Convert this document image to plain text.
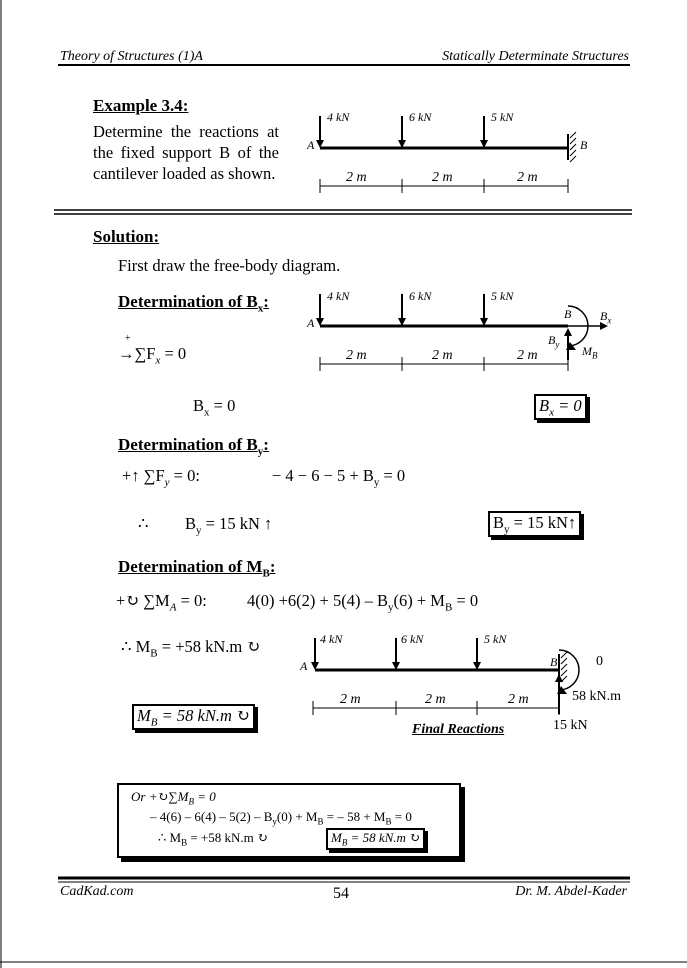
Theory of Structures (1)A	Statically Determinate Structures
Example 3.4:
Determine the reactions at the fixed support B of the cantilever loaded as shown.
4 kN	6 kN	5 kN
A	B
2 m	2 m	2 m
Solution:
First draw the free-body diagram.
Determination of $B_x$:
+
$\to\sum F_x = 0$
$B_x = 0$	$B_x = 0$
4 kN	6 kN	5 kN
A
B $B_x$
$B_y$ $M_B$
2 m	2 m	2 m
Determination of $B_y$:
+↑ $\sum F_y = 0$:	− $4 - 6 - 5 + B_y = 0$
∴ $B_y = 15$ kN ↑	$B_y = 15$ kN↑
Determination of $M_B$:
+↻ $\sum M_A = 0$: $4(0) +6(2) + 5(4) - B_y(6) + M_B = 0$
∴ $M_B = +58$ kN.m ↻
$M_B = 58$ kN.m ↻
4 kN	6 kN	5 kN
A	B	0
58 kN.m
15 kN
2 m	2 m	2 m
Final Reactions
$Or +↻\sum M_B = 0$
– $4(6) - 6(4) - 5(2) - B_y(0) + M_B$ = – $58 + M_B = 0$
∴ $M_B = +58$ kN.m ↻	$M_B = 58$ kN.m ↻
CadKad.com	54	Dr. M. Abdel-Kader
